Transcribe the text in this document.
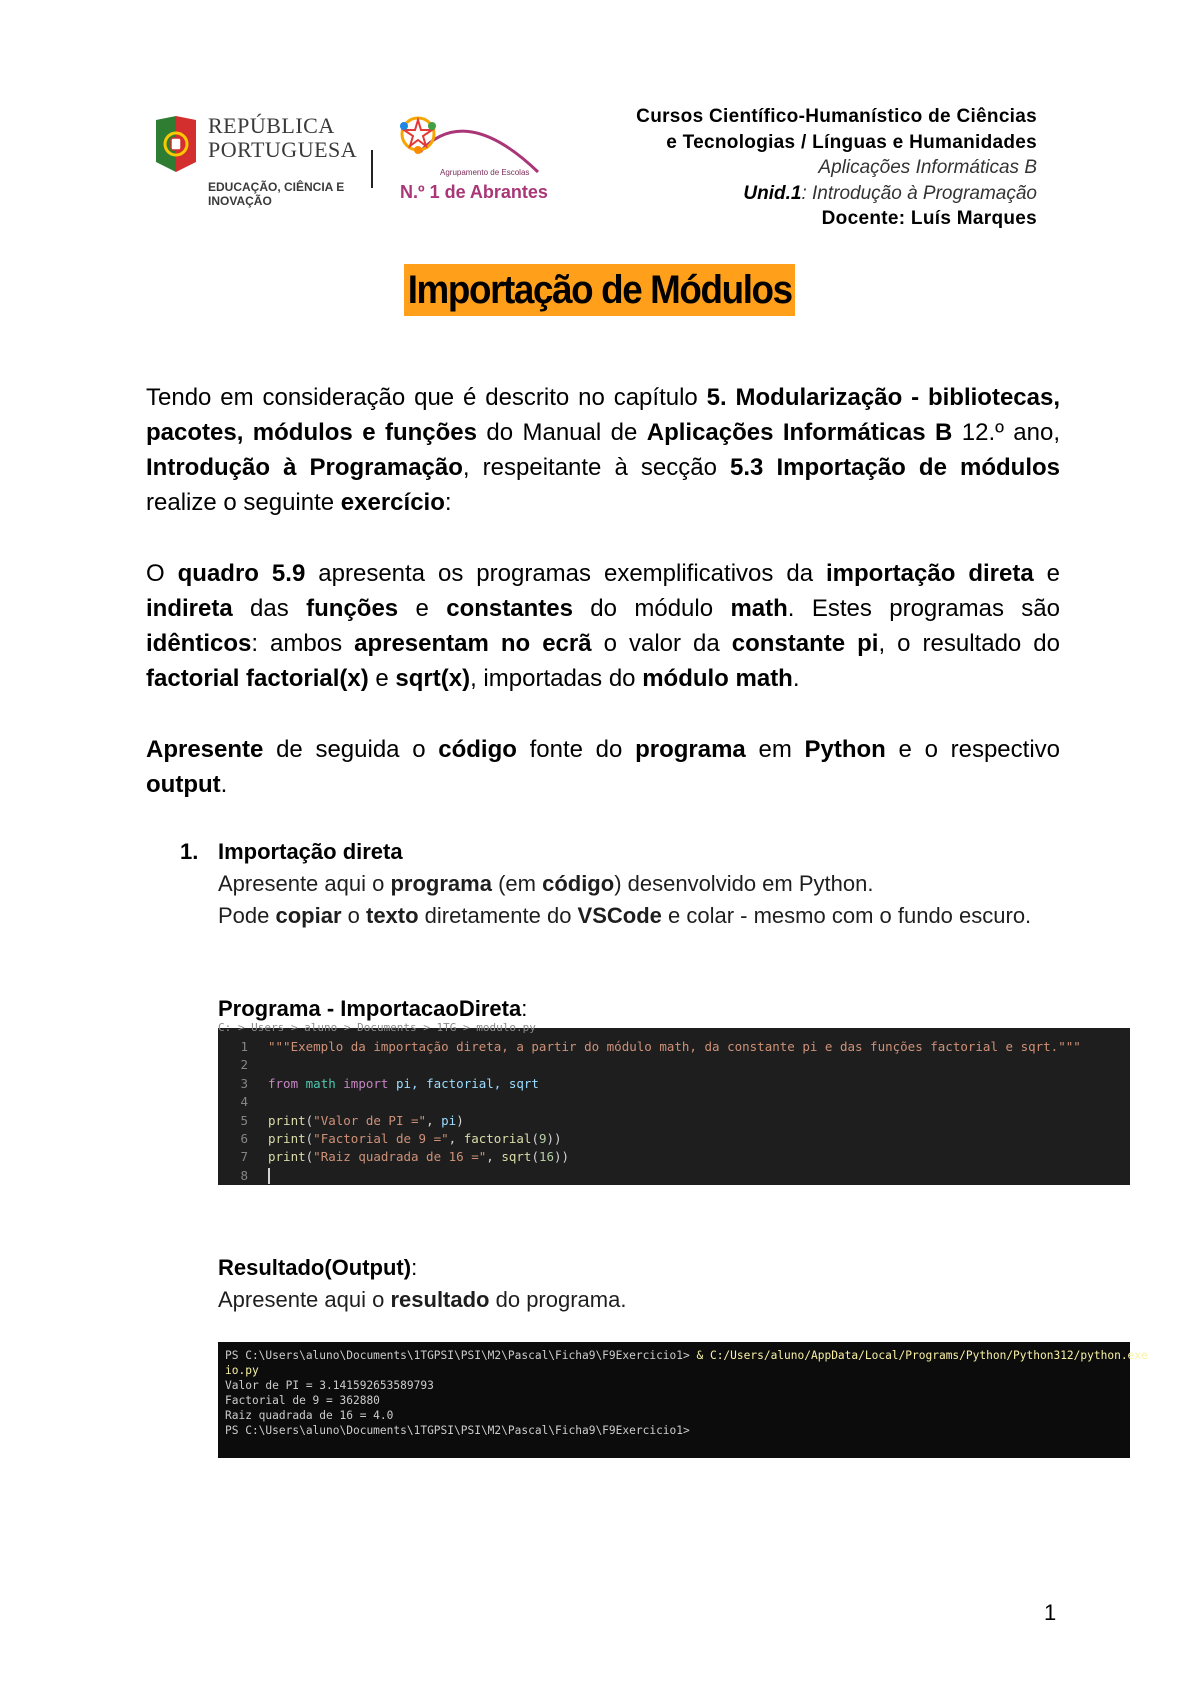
REPÚBLICA
PORTUGUESA
EDUCAÇÃO, CIÊNCIA E INOVAÇÃO
Agrupamento de Escolas
N.º 1 de Abrantes
Cursos Científico-Humanístico de Ciências
e Tecnologias / Línguas e Humanidades
Aplicações Informáticas B
Unid.1: Introdução à Programação
Docente: Luís Marques
Importação de Módulos
Tendo em consideração que é descrito no capítulo 5. Modularização - bibliotecas, pacotes, módulos e funções do Manual de Aplicações Informáticas B 12.º ano, Introdução à Programação, respeitante à secção 5.3 Importação de módulos realize o seguinte exercício:
O quadro 5.9 apresenta os programas exemplificativos da importação direta e indireta das funções e constantes do módulo math. Estes programas são idênticos: ambos apresentam no ecrã o valor da constante pi, o resultado do factorial factorial(x) e sqrt(x), importadas do módulo math.
Apresente de seguida o código fonte do programa em Python e o respectivo output.
1. Importação direta
Apresente aqui o programa (em código) desenvolvido em Python.
Pode copiar o texto diretamente do VSCode e colar - mesmo com o fundo escuro.
Programa - ImportacaoDireta:
C: > Users > aluno > Documents > 1TG > modulo.py
1 """Exemplo da importação direta, a partir do módulo math, da constante pi e das funções factorial e sqrt."""
2
3 from math import pi, factorial, sqrt
4
5 print("Valor de PI =", pi)
6 print("Factorial de 9 =", factorial(9))
7 print("Raiz quadrada de 16 =", sqrt(16))
8
Resultado(Output):
Apresente aqui o resultado do programa.
PS C:\Users\aluno\Documents\1TGPSI\PSI\M2\Pascal\Ficha9\F9Exercicio1> & C:/Users/aluno/AppData/Local/Programs/Python/Python312/python.exe
io.py
Valor de PI = 3.141592653589793
Factorial de 9 = 362880
Raiz quadrada de 16 = 4.0
PS C:\Users\aluno\Documents\1TGPSI\PSI\M2\Pascal\Ficha9\F9Exercicio1>
1
